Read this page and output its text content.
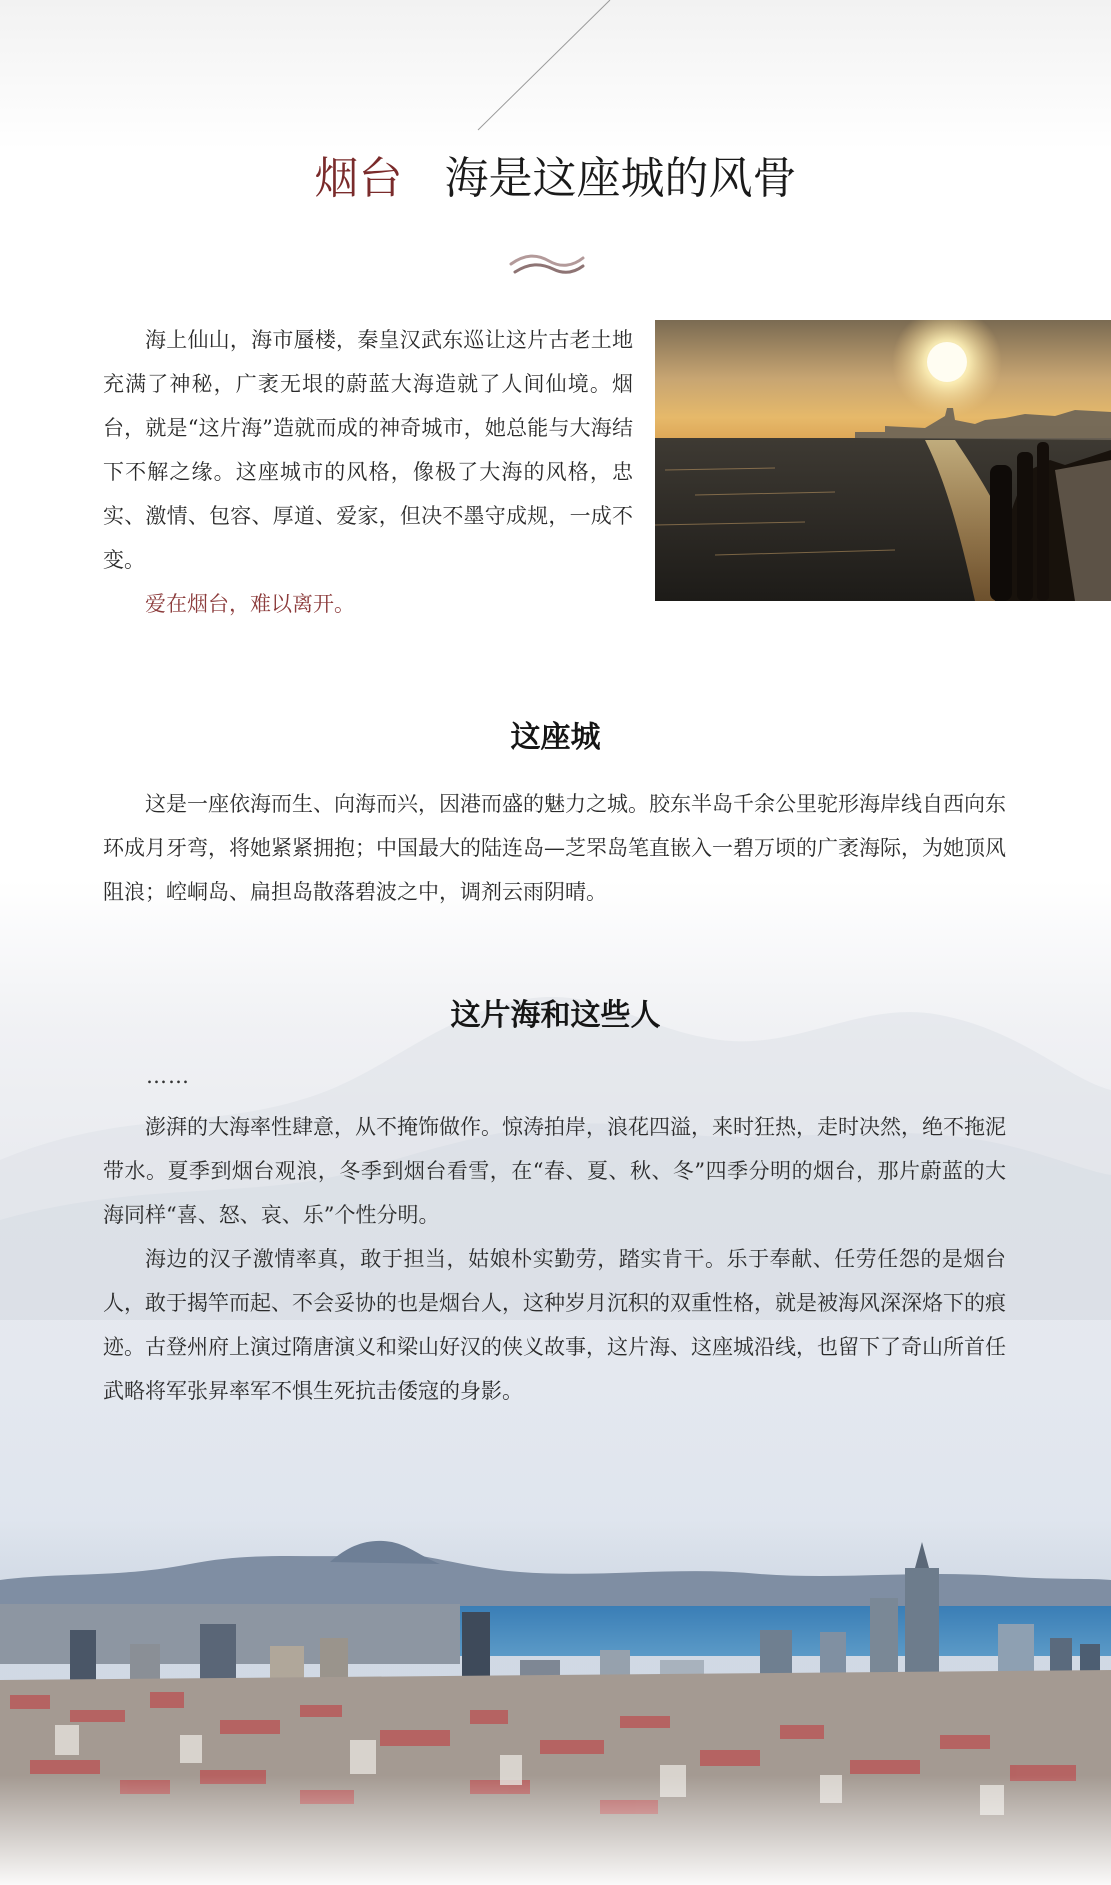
烟台 海是这座城的风骨

海上仙山，海市蜃楼，秦皇汉武东巡让这片古老土地充满了神秘，广袤无垠的蔚蓝大海造就了人间仙境。烟台，就是“这片海”造就而成的神奇城市，她总能与大海结下不解之缘。这座城市的风格，像极了大海的风格，忠实、激情、包容、厚道、爱家，但决不墨守成规，一成不变。

爱在烟台，难以离开。

这座城

这是一座依海而生、向海而兴，因港而盛的魅力之城。胶东半岛千余公里驼形海岸线自西向东环成月牙弯，将她紧紧拥抱；中国最大的陆连岛—芝罘岛笔直嵌入一碧万顷的广袤海际，为她顶风阻浪；崆峒岛、扁担岛散落碧波之中，调剂云雨阴晴。

这片海和这些人
……

澎湃的大海率性肆意，从不掩饰做作。惊涛拍岸，浪花四溢，来时狂热，走时决然，绝不拖泥带水。夏季到烟台观浪，冬季到烟台看雪，在“春、夏、秋、冬”四季分明的烟台，那片蔚蓝的大海同样“喜、怒、哀、乐”个性分明。

海边的汉子激情率真，敢于担当，姑娘朴实勤劳，踏实肯干。乐于奉献、任劳任怨的是烟台人，敢于揭竿而起、不会妥协的也是烟台人，这种岁月沉积的双重性格，就是被海风深深烙下的痕迹。古登州府上演过隋唐演义和梁山好汉的侠义故事，这片海、这座城沿线，也留下了奇山所首任武略将军张昇率军不惧生死抗击倭寇的身影。
